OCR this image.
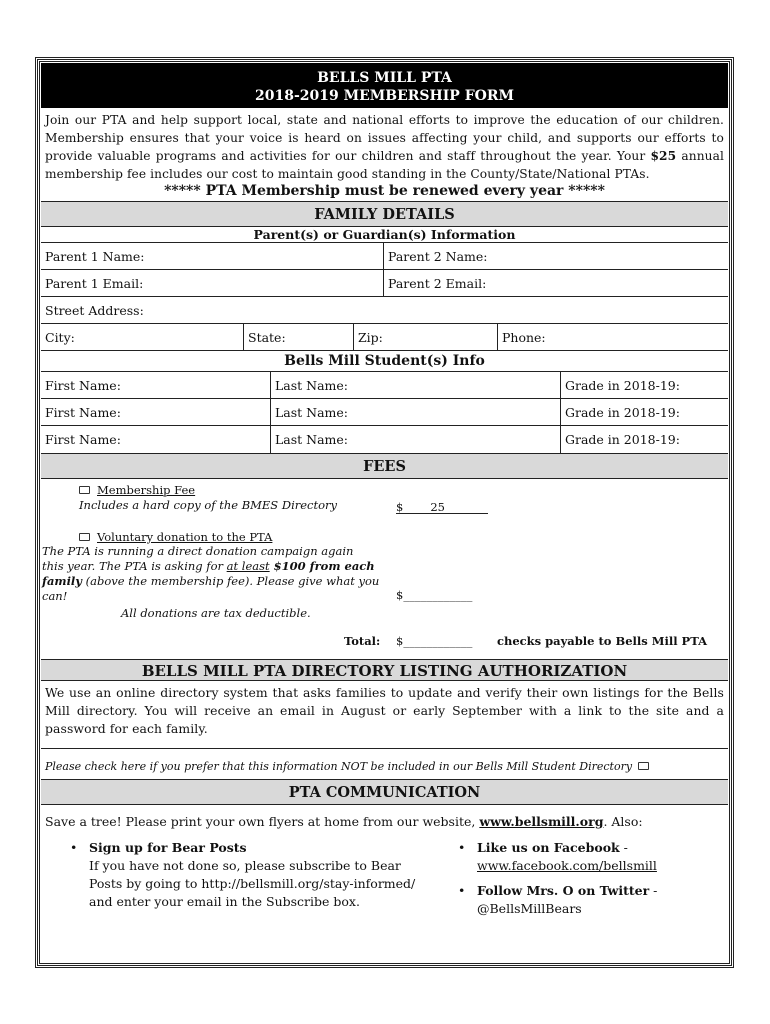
BELLS MILL PTA
2018-2019 MEMBERSHIP FORM
Join our PTA and help support local, state and national efforts to improve the education of our children. Membership ensures that your voice is heard on issues affecting your child, and supports our efforts to provide valuable programs and activities for our children and staff throughout the year. Your $25 annual membership fee includes our cost to maintain good standing in the County/State/National PTAs.
***** PTA Membership must be renewed every year *****
FAMILY DETAILS
Parent(s) or Guardian(s) Information
Parent 1 Name:	Parent 2 Name:
Parent 1 Email:	Parent 2 Email:
Street Address:
City:	State:	Zip:	Phone:
Bells Mill Student(s) Info
First Name:	Last Name:	Grade in 2018-19:
First Name:	Last Name:	Grade in 2018-19:
First Name:	Last Name:	Grade in 2018-19:
FEES
Membership Fee
Includes a hard copy of the BMES Directory	$ 25
Voluntary donation to the PTA
The PTA is running a direct donation campaign again
this year. The PTA is asking for at least $100 from each
family (above the membership fee). Please give what you
can!	$____________
All donations are tax deductible.
Total: $____________ checks payable to Bells Mill PTA
BELLS MILL PTA DIRECTORY LISTING AUTHORIZATION
We use an online directory system that asks families to update and verify their own listings for the Bells Mill directory. You will receive an email in August or early September with a link to the site and a password for each family.
Please check here if you prefer that this information NOT be included in our Bells Mill Student Directory
PTA COMMUNICATION
Save a tree! Please print your own flyers at home from our website, www.bellsmill.org. Also:
• Sign up for Bear Posts
If you have not done so, please subscribe to Bear
Posts by going to http://bellsmill.org/stay-informed/
and enter your email in the Subscribe box.
• Like us on Facebook -
www.facebook.com/bellsmill
• Follow Mrs. O on Twitter -
@BellsMillBears
